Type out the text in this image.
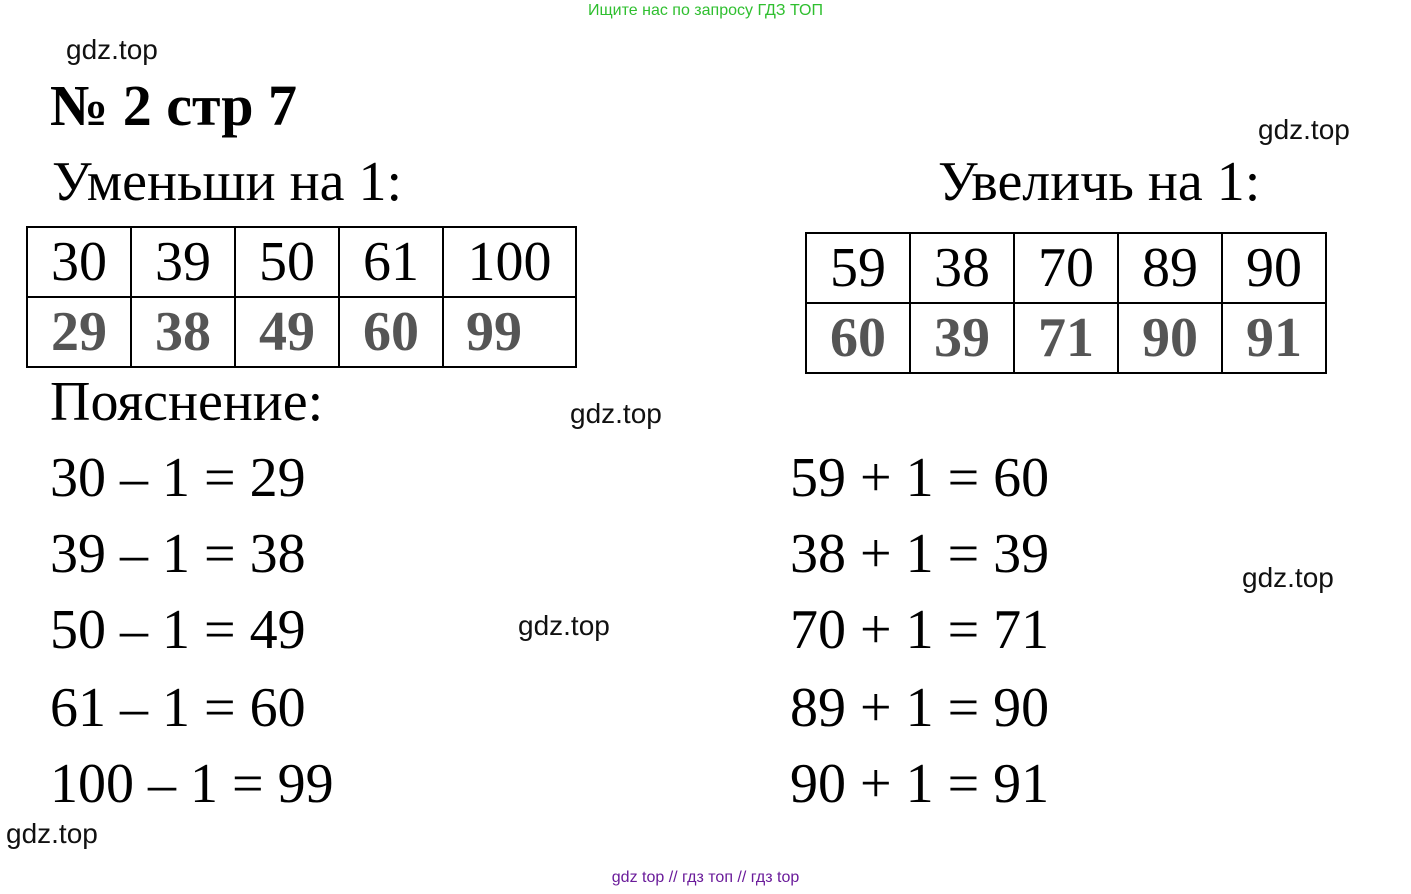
Ищите нас по запросу ГДЗ ТОП
gdz.top
gdz.top
gdz.top
gdz.top
gdz.top
gdz.top
№ 2 стр 7
Уменьши на 1:	Увеличь на 1:
30	39	50	61	100
29	38	49	60	99
59	38	70	89	90
60	39	71	90	91
Пояснение:
30 – 1 = 29
39 – 1 = 38
50 – 1 = 49
61 – 1 = 60
100 – 1 = 99
59 + 1 = 60
38 + 1 = 39
70 + 1 = 71
89 + 1 = 90
90 + 1 = 91
gdz top // гдз топ // гдз top
